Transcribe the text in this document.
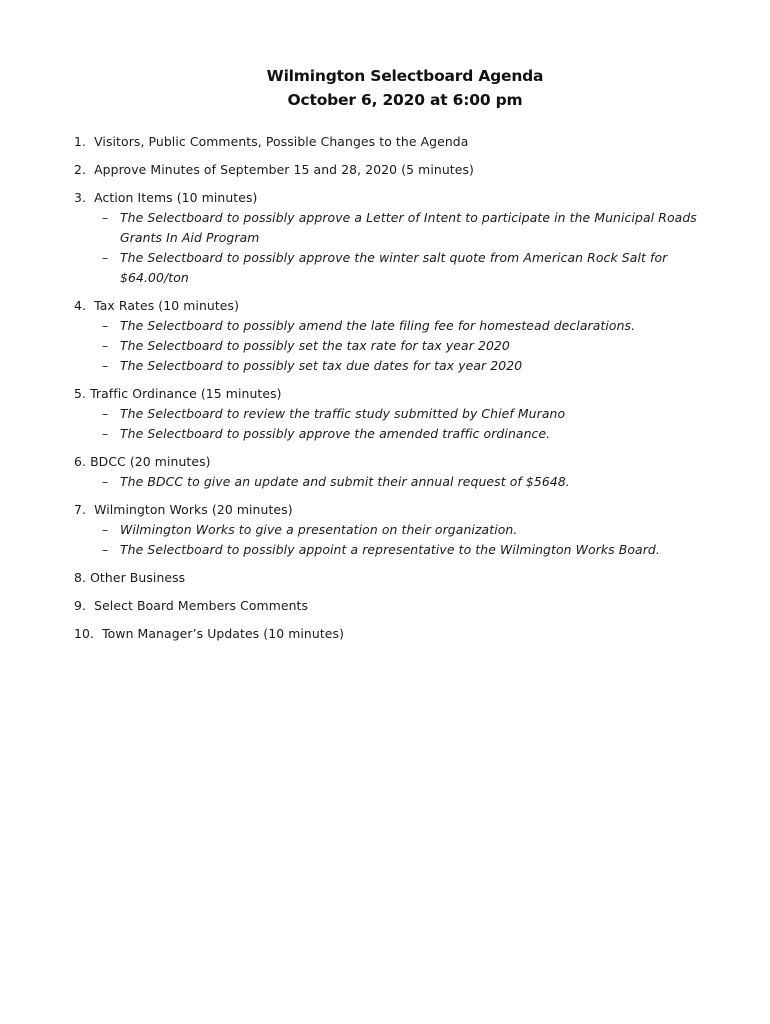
Wilmington Selectboard Agenda
October 6, 2020 at 6:00 pm
1. Visitors, Public Comments, Possible Changes to the Agenda
2. Approve Minutes of September 15 and 28, 2020 (5 minutes)
3. Action Items (10 minutes)
– The Selectboard to possibly approve a Letter of Intent to participate in the Municipal Roads
Grants In Aid Program
– The Selectboard to possibly approve the winter salt quote from American Rock Salt for
$64.00/ton
4. Tax Rates (10 minutes)
– The Selectboard to possibly amend the late filing fee for homestead declarations.
– The Selectboard to possibly set the tax rate for tax year 2020
– The Selectboard to possibly set tax due dates for tax year 2020
5. Traffic Ordinance (15 minutes)
– The Selectboard to review the traffic study submitted by Chief Murano
– The Selectboard to possibly approve the amended traffic ordinance.
6. BDCC (20 minutes)
– The BDCC to give an update and submit their annual request of $5648.
7. Wilmington Works (20 minutes)
– Wilmington Works to give a presentation on their organization.
– The Selectboard to possibly appoint a representative to the Wilmington Works Board.
8. Other Business
9. Select Board Members Comments
10. Town Manager’s Updates (10 minutes)
